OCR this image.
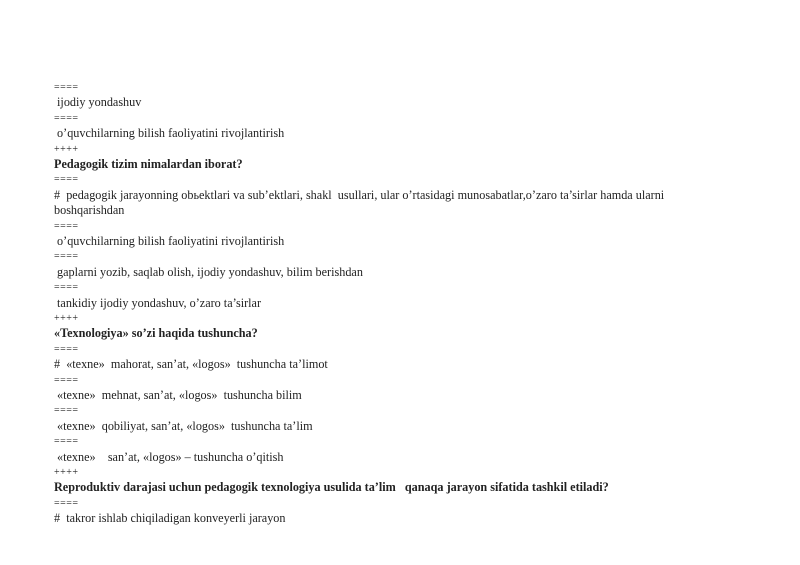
====
ijodiy yondashuv
====
o’quvchilarning bilish faoliyatini rivojlantirish
++++
Pedagogik tizim nimalardan iborat?
====
#  pedagogik jarayonning obьektlari va sub’ektlari, shakl  usullari, ular o’rtasidagi munosabatlar,o’zaro ta’sirlar hamda ularni boshqarishdan
====
o’quvchilarning bilish faoliyatini rivojlantirish
====
gaplarni yozib, saqlab olish, ijodiy yondashuv, bilim berishdan
====
tankidiy ijodiy yondashuv, o’zaro ta’sirlar
++++
«Texnologiya» so’zi haqida tushuncha?
====
#  «texne»  mahorat, san’at, «logos»  tushuncha ta’limot
====
«texne»  mehnat, san’at, «logos»  tushuncha bilim
====
«texne»  qobiliyat, san’at, «logos»  tushuncha ta’lim
====
«texne»    san’at, «logos» – tushuncha o’qitish
++++
Reproduktiv darajasi uchun pedagogik texnologiya usulida ta’lim   qanaqa jarayon sifatida tashkil etiladi?
====
#  takror ishlab chiqiladigan konveyerli jarayon
